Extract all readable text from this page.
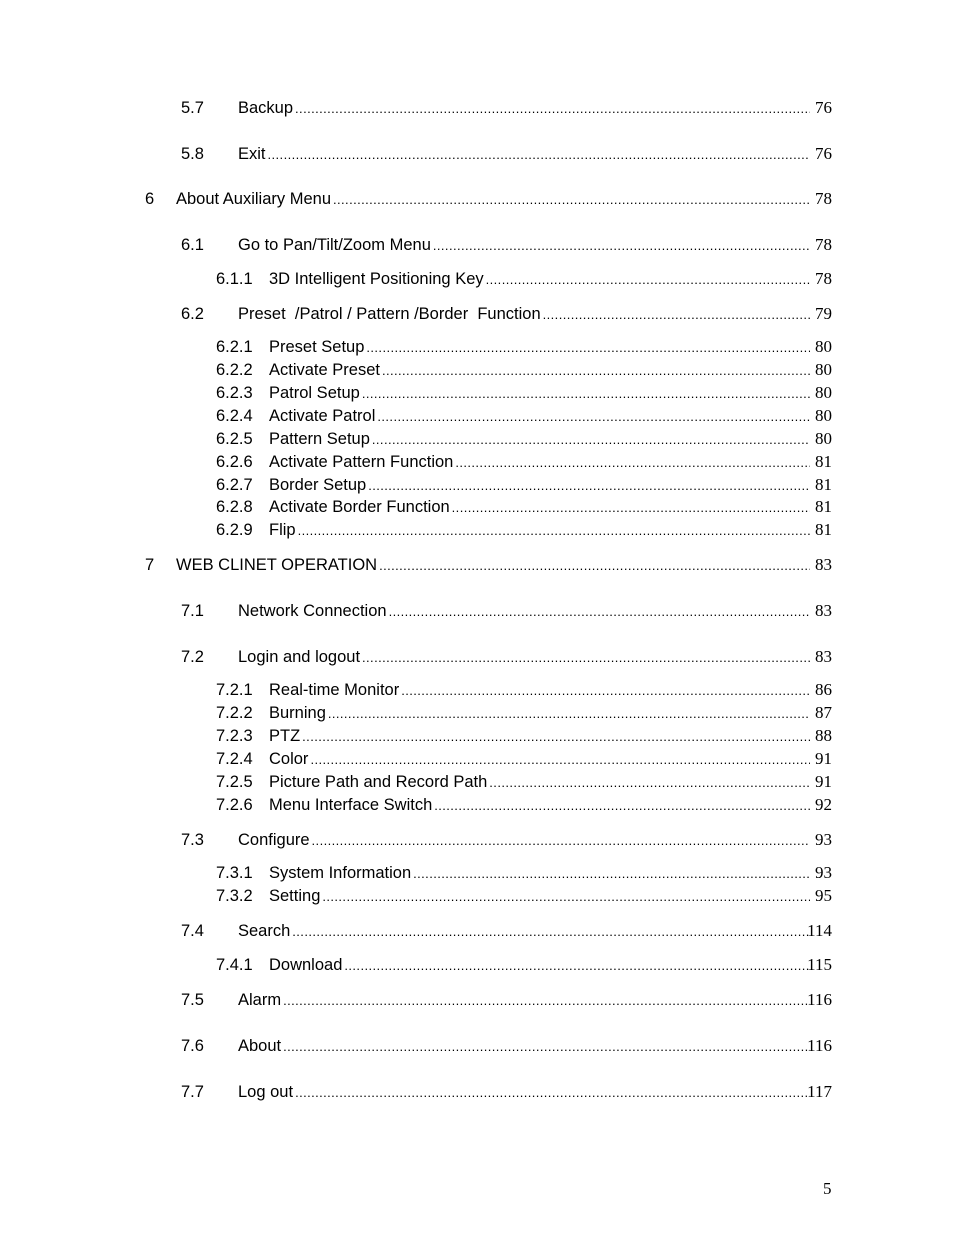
5.7 Backup .....	76
5.8 Exit .....	76
6 About Auxiliary Menu .....	78
6.1 Go to Pan/Tilt/Zoom Menu .....	78
6.1.1 3D Intelligent Positioning Key .....	78
6.2 Preset  /Patrol / Pattern /Border  Function .....	79
6.2.1 Preset Setup .....	80
6.2.2 Activate Preset .....	80
6.2.3 Patrol Setup .....	80
6.2.4 Activate Patrol .....	80
6.2.5 Pattern Setup .....	80
6.2.6 Activate Pattern Function .....	81
6.2.7 Border Setup .....	81
6.2.8 Activate Border Function .....	81
6.2.9 Flip .....	81
7 WEB CLINET OPERATION .....	83
7.1 Network Connection .....	83
7.2 Login and logout .....	83
7.2.1 Real-time Monitor .....	86
7.2.2 Burning .....	87
7.2.3 PTZ .....	88
7.2.4 Color .....	91
7.2.5 Picture Path and Record Path .....	91
7.2.6 Menu Interface Switch .....	92
7.3 Configure .....	93
7.3.1 System Information .....	93
7.3.2 Setting .....	95
7.4 Search .....	114
7.4.1 Download .....	115
7.5 Alarm .....	116
7.6 About .....	116
7.7 Log out .....	117
5
